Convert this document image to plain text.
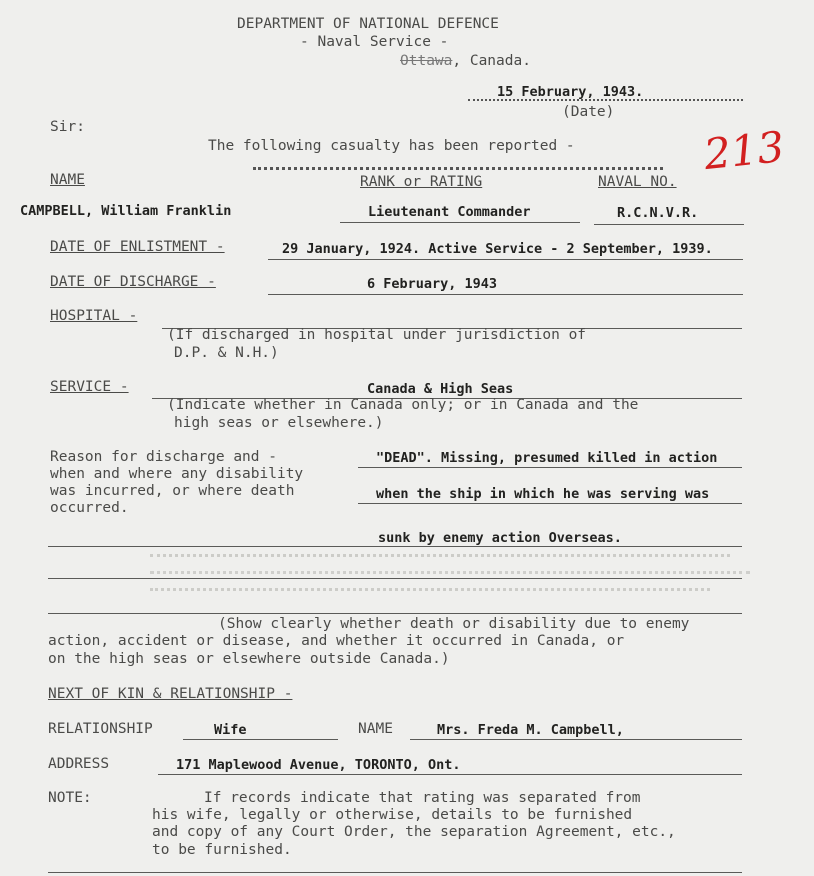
DEPARTMENT OF NATIONAL DEFENCE
- Naval Service -
Ottawa, Canada.
15 February, 1943.
(Date)
Sir:
The following casualty has been reported -	213
NAME	RANK or RATING	NAVAL NO.
CAMPBELL, William Franklin	Lieutenant Commander	R.C.N.V.R.
DATE OF ENLISTMENT -	29 January, 1924. Active Service - 2 September, 1939.
DATE OF DISCHARGE -	6 February, 1943
HOSPITAL -
(If discharged in hospital under jurisdiction of
D.P. & N.H.)
SERVICE -	Canada & High Seas
(Indicate whether in Canada only; or in Canada and the
high seas or elsewhere.)
Reason for discharge and -
when and where any disability
was incurred, or where death
occurred.
"DEAD". Missing, presumed killed in action
when the ship in which he was serving was
sunk by enemy action Overseas.
(Show clearly whether death or disability due to enemy
action, accident or disease, and whether it occurred in Canada, or
on the high seas or elsewhere outside Canada.)
NEXT OF KIN & RELATIONSHIP -
RELATIONSHIP	Wife	NAME	Mrs. Freda M. Campbell,
ADDRESS	171 Maplewood Avenue, TORONTO, Ont.
NOTE:	If records indicate that rating was separated from
his wife, legally or otherwise, details to be furnished
and copy of any Court Order, the separation Agreement, etc.,
to be furnished.
